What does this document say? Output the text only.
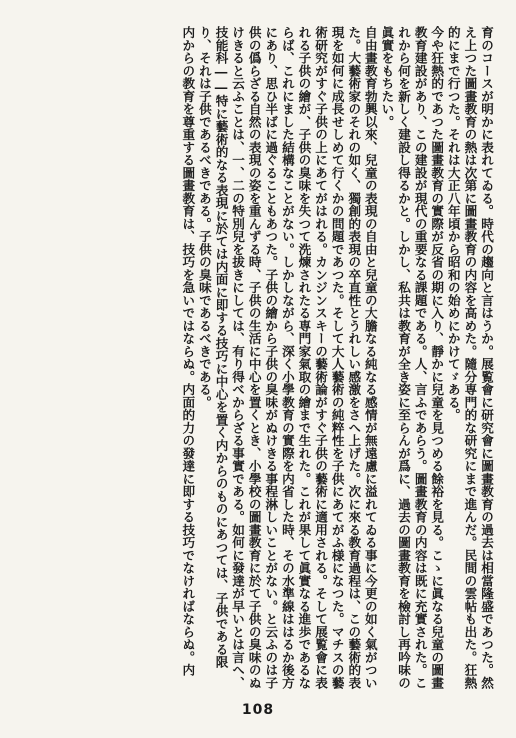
育のコースが明かに表れてゐる。時代の趨向と言はうか。展覧會に研究會に圖畫教育の過去は相當隆盛であつた。然え上つた圖畫教育の熱は次第に圖畫教育の内容を高めた。隨分専門的な研究にまで進んだ。民間の雲帖も出た。狂熱的にまで行つた。それは大正八年頃から昭和の始めにかけてゞある。

今や狂熱的であつた圖畫教育の實際が反省の期に入り、靜かに兒童を見つめる餘裕を見る。こゝに眞なる兒童の圖畫教育建設があり、この建設が現代の重要なる課題である。人、言ふであらう。圖畫教育の内容は既に充實された。これから何を新しく建設し得るかと。しかし、私共は教育が全き姿に至らんが爲に、過去の圖畫教育を檢討し再吟味の眞實をもちたい。

自由畫教育勃興以來、兒童の表現の自由と兒童の大膽なる純なる感情が無遠慮に溢れてゐる事に今更の如く氣がついた。大藝術家のそれの如く、獨創的表現の卒直性とうれしい感激をさへ上げた。次に來る教育過程は、この藝術的表現を如何に成長せしめて行くかの問題であつた。そして大人藝術の純粹性を子供にあてがふ様になつた。マチスの藝術研究がすぐ子供の上にあてがはれる。カンジンスキーの藝術論がすぐ子供の藝術に適用される。そして展覧會に表れる子供の繪が、子供の臭味を失つて洗煉されたる専門家氣取の繪まで生れた。これが果して眞實なる進歩であるならば、これにました結構なことがない。しかしながら、深く小學教育の實際を内省した時、その水準線ははるか後方にあり、思ひ半ばに過ぐることもあつた。子供の繪から子供の臭味がぬけきる事程淋しいことがない。と云ふのは子供の僞らざる自然の表現の姿を重んずる時、子供の生活に中心を置くとき、小學校の圖畫教育に於て子供の臭味のぬけきると云ふことは、一、二の特別兒を拔きにしては、有り得べからざる事實である。如何に發達が早いとは言へ、技能科――特に藝術的なる表現に於ては内面に即する技巧に中心を置く内からのものにあつては、子供である限り、それは子供であるべきである。子供の臭味であるべきである。

内からの教育を尊重する圖畫教育は、技巧を急いではならぬ。内面的力の發達に即する技巧でなければならぬ。内

108
